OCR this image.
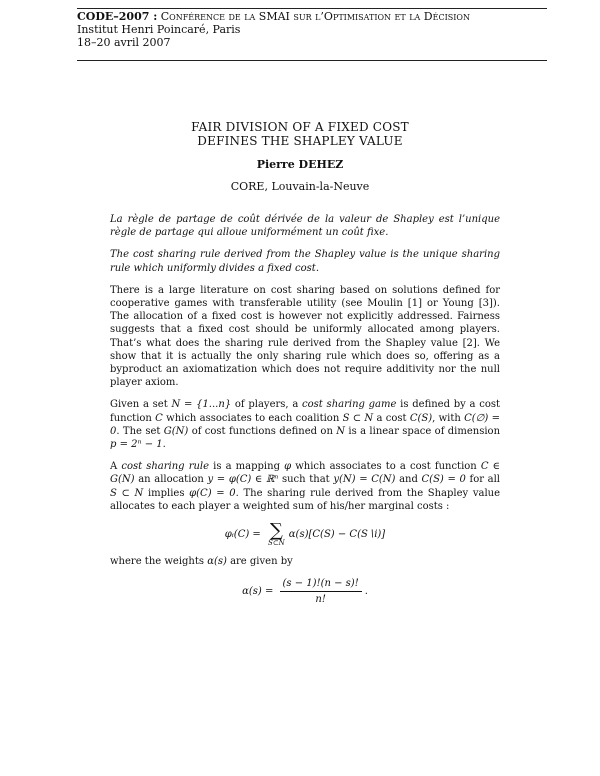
CODE–2007 : Conférence de la SMAI sur l’Optimisation et la Décision
Institut Henri Poincaré, Paris
18–20 avril 2007
FAIR DIVISION OF A FIXED COST
DEFINES THE SHAPLEY VALUE
Pierre DEHEZ
CORE, Louvain-la-Neuve

La règle de partage de coût dérivée de la valeur de Shapley est l’unique règle de partage qui alloue uniformément un coût fixe.

The cost sharing rule derived from the Shapley value is the unique sharing rule which uniformly divides a fixed cost.

There is a large literature on cost sharing based on solutions defined for cooperative games with transferable utility (see Moulin [1] or Young [3]). The allocation of a fixed cost is however not explicitly addressed. Fairness suggests that a fixed cost should be uniformly allocated among players. That’s what does the sharing rule derived from the Shapley value [2]. We show that it is actually the only sharing rule which does so, offering as a byproduct an axiomatization which does not require additivity nor the null player axiom.

Given a set N = {1...n} of players, a cost sharing game is defined by a cost function C which associates to each coalition S ⊂ N a cost C(S), with C(∅) = 0. The set G(N) of cost functions defined on N is a linear space of dimension p = 2ⁿ − 1.

A cost sharing rule is a mapping φ which associates to a cost function C ∈ G(N) an allocation y = φ(C) ∈ ℝⁿ such that y(N) = C(N) and C(S) = 0 for all S ⊂ N implies φ(C) = 0. The sharing rule derived from the Shapley value allocates to each player a weighted sum of his/her marginal costs :

φᵢ(C) = ∑
S⊂N
α(s)[C(S) − C(S∖i)]

where the weights α(s) are given by

$\alpha(s) = \frac{(s - 1)!(n - s)!}{n!}$ .
